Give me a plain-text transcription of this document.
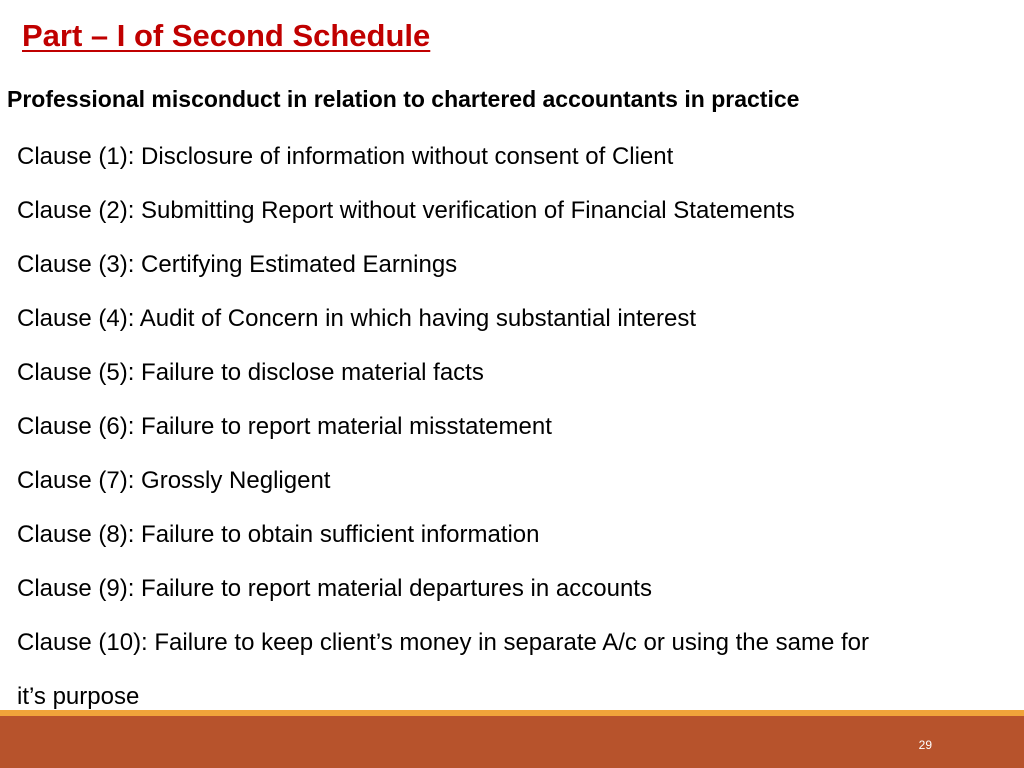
Part – I of Second Schedule
Professional misconduct in relation to chartered accountants in practice
Clause (1): Disclosure of information without consent of Client
Clause (2): Submitting Report without verification of Financial Statements
Clause (3): Certifying Estimated Earnings
Clause (4): Audit of Concern in which having substantial interest
Clause (5): Failure to disclose material facts
Clause (6): Failure to report material misstatement
Clause (7): Grossly Negligent
Clause (8): Failure to obtain sufficient information
Clause (9): Failure to report material departures in accounts
Clause (10): Failure to keep client’s money in separate A/c or using the same for
it’s purpose
29
